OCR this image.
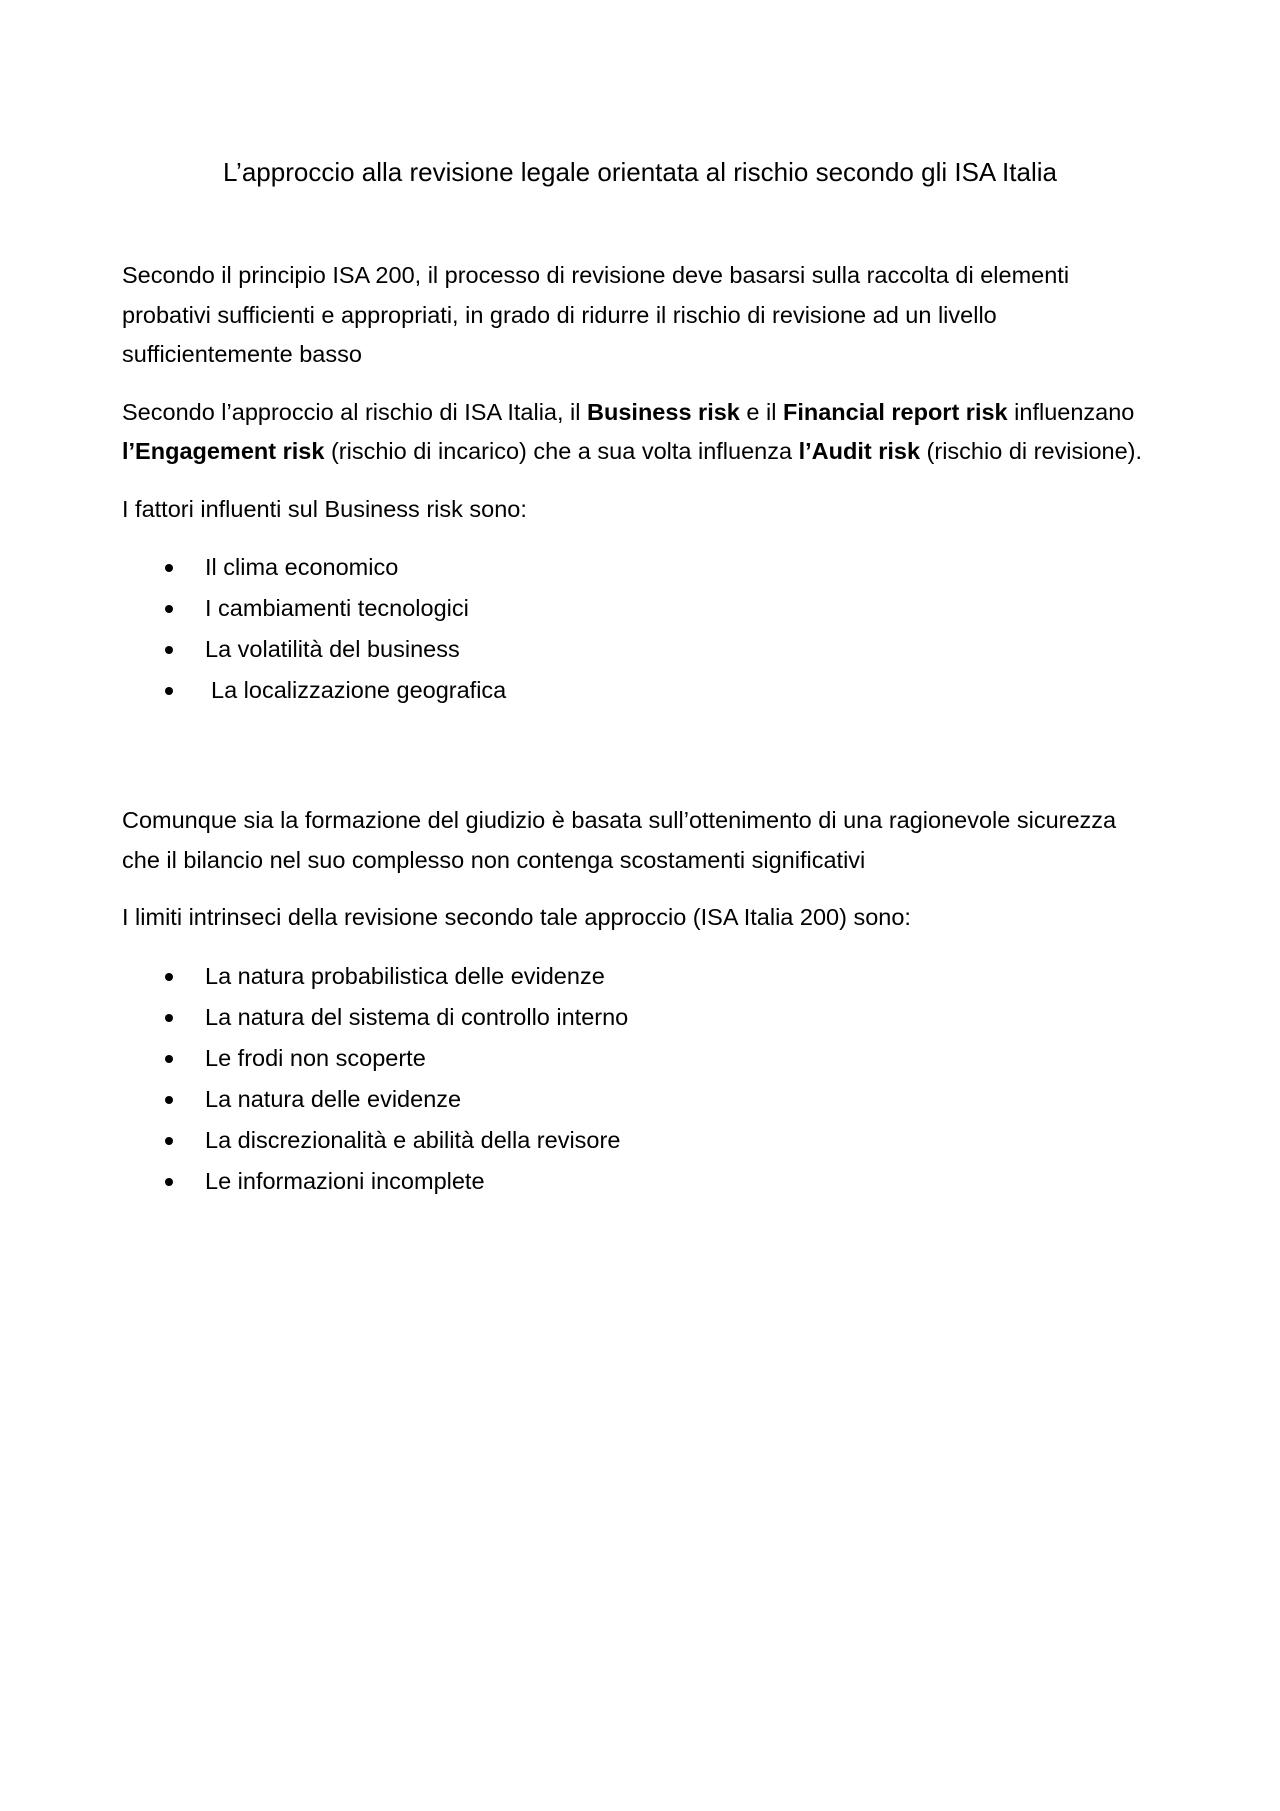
L’approccio alla revisione legale orientata al rischio secondo gli ISA Italia

Secondo il principio ISA 200, il processo di revisione deve basarsi sulla raccolta di elementi probativi sufficienti e appropriati, in grado di ridurre il rischio di revisione ad un livello sufficientemente basso

Secondo l’approccio al rischio di ISA Italia, il Business risk e il Financial report risk influenzano l’Engagement risk (rischio di incarico) che a sua volta influenza l’Audit risk (rischio di revisione).

I fattori influenti sul Business risk sono:

Il clima economico
I cambiamenti tecnologici
La volatilità del business
La localizzazione geografica

Comunque sia la formazione del giudizio è basata sull’ottenimento di una ragionevole sicurezza che il bilancio nel suo complesso non contenga scostamenti significativi

I limiti intrinseci della revisione secondo tale approccio (ISA Italia 200) sono:

La natura probabilistica delle evidenze
La natura del sistema di controllo interno
Le frodi non scoperte
La natura delle evidenze
La discrezionalità e abilità della revisore
Le informazioni incomplete
